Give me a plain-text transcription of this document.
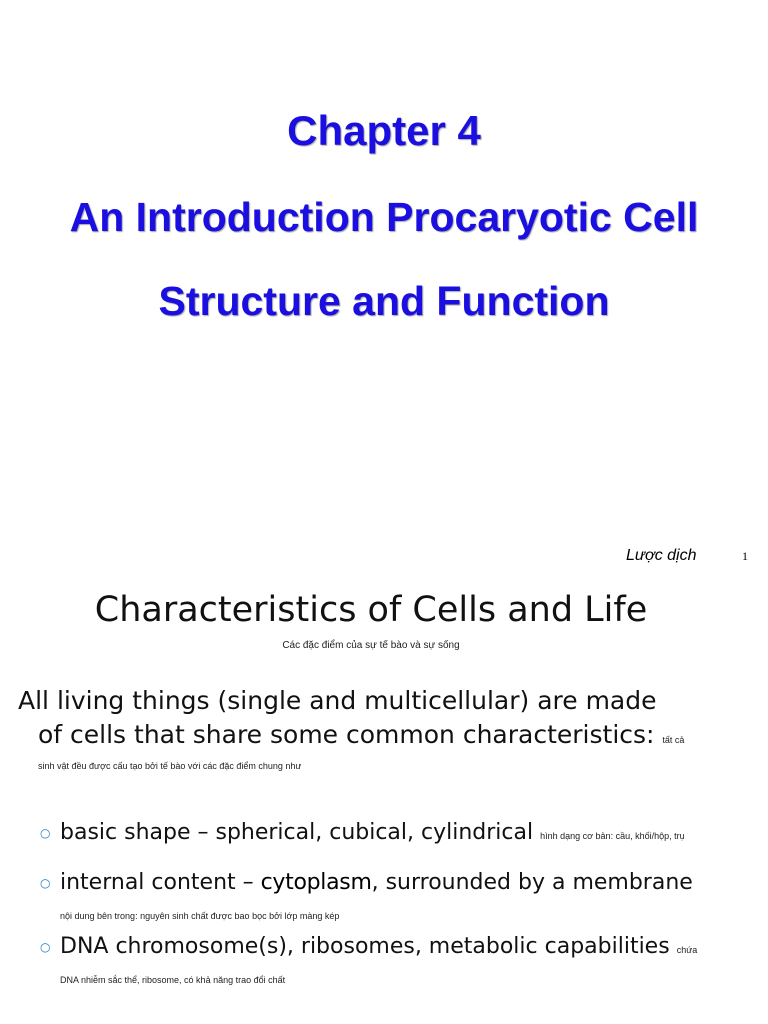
Chapter 4
An Introduction Procaryotic Cell
Structure and Function
Lược dịch	1
Characteristics of Cells and Life
Các đặc điểm của sự tế bào và sự sống
All living things (single and multicellular) are made
of cells that share some common characteristics: tất cả
sinh vật đều được cấu tạo bởi tế bào với các đặc điểm chung như
○ basic shape – spherical, cubical, cylindrical hình dạng cơ bản: cầu, khối/hộp, trụ
○ internal content – cytoplasm, surrounded by a membrane
nội dung bên trong: nguyên sinh chất được bao bọc bởi lớp màng kép
○ DNA chromosome(s), ribosomes, metabolic capabilities chứa
DNA nhiễm sắc thể, ribosome, có khả năng trao đổi chất
